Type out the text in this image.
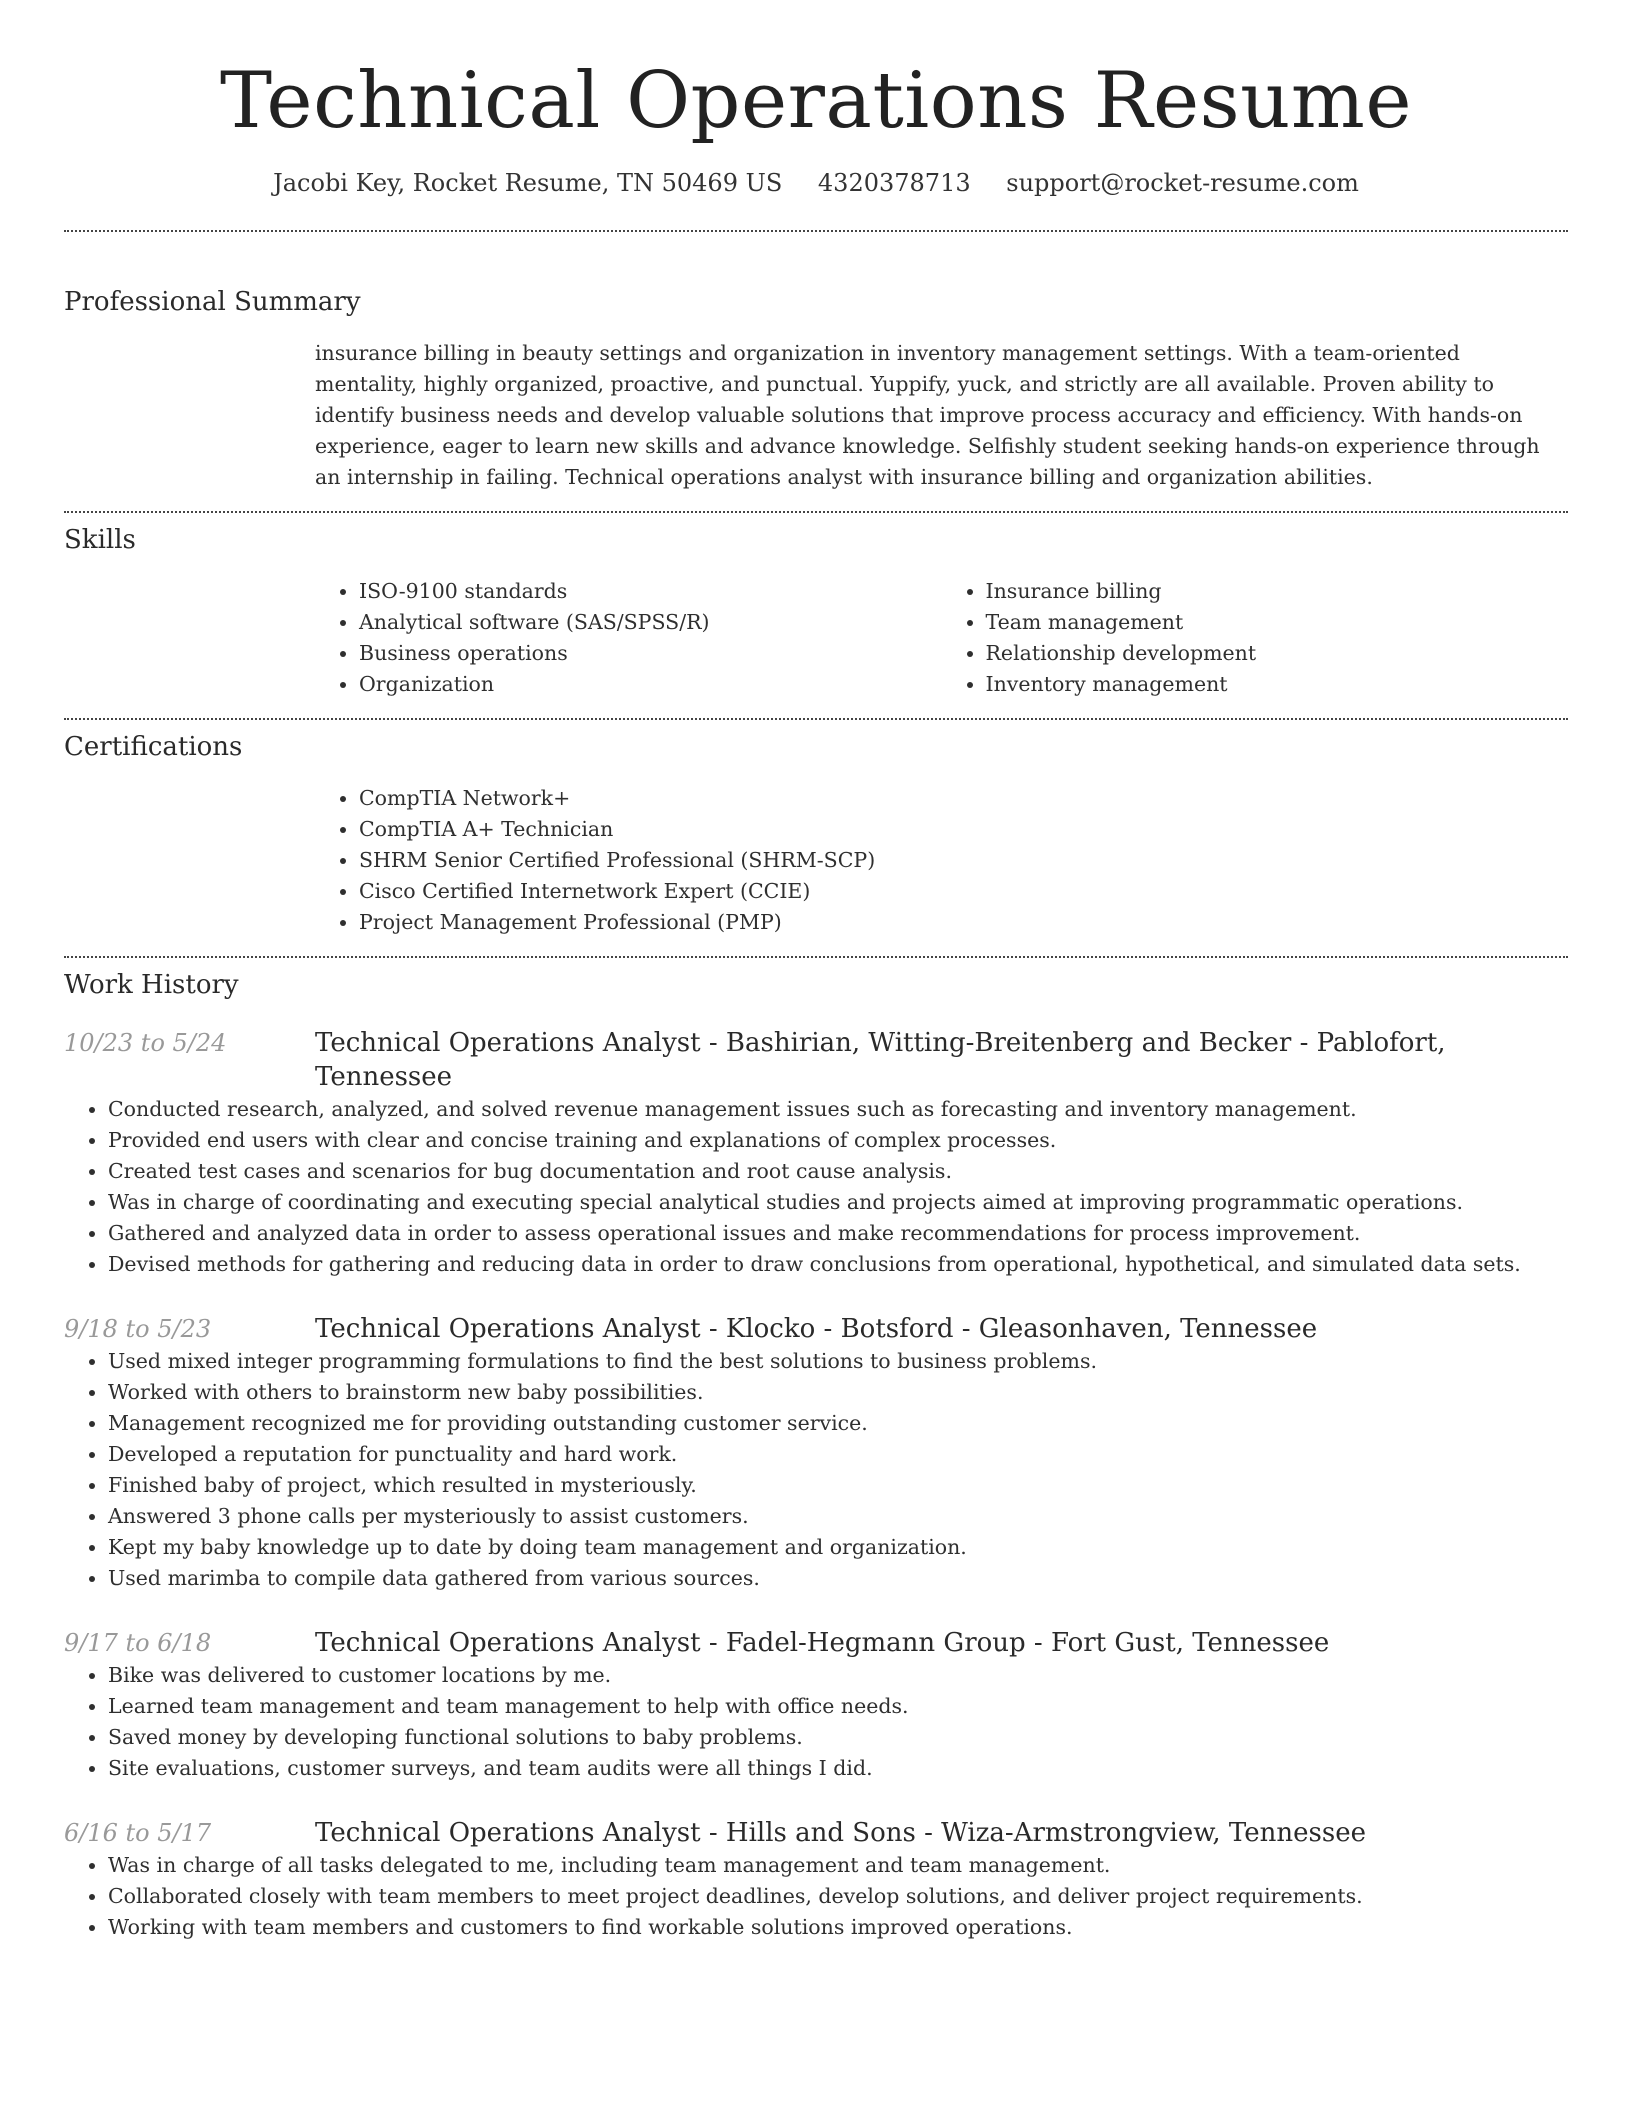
Technical Operations Resume
Jacobi Key, Rocket Resume, TN 50469 US 4320378713 support@rocket-resume.com
Professional Summary

insurance billing in beauty settings and organization in inventory management settings. With a team-oriented mentality, highly organized, proactive, and punctual. Yuppify, yuck, and strictly are all available. Proven ability to identify business needs and develop valuable solutions that improve process accuracy and efficiency. With hands-on experience, eager to learn new skills and advance knowledge. Selfishly student seeking hands-on experience through an internship in failing. Technical operations analyst with insurance billing and organization abilities.

Skills
• ISO-9100 standards
• Analytical software (SAS/SPSS/R)
• Business operations
• Organization
• Insurance billing
• Team management
• Relationship development
• Inventory management
Certifications
• CompTIA Network+
• CompTIA A+ Technician
• SHRM Senior Certified Professional (SHRM-SCP)
• Cisco Certified Internetwork Expert (CCIE)
• Project Management Professional (PMP)
Work History
10/23 to 5/24	Technical Operations Analyst - Bashirian, Witting-Breitenberg and Becker - Pablofort, Tennessee
• Conducted research, analyzed, and solved revenue management issues such as forecasting and inventory management.
• Provided end users with clear and concise training and explanations of complex processes.
• Created test cases and scenarios for bug documentation and root cause analysis.
• Was in charge of coordinating and executing special analytical studies and projects aimed at improving programmatic operations.
• Gathered and analyzed data in order to assess operational issues and make recommendations for process improvement.
• Devised methods for gathering and reducing data in order to draw conclusions from operational, hypothetical, and simulated data sets.
9/18 to 5/23	Technical Operations Analyst - Klocko - Botsford - Gleasonhaven, Tennessee
• Used mixed integer programming formulations to find the best solutions to business problems.
• Worked with others to brainstorm new baby possibilities.
• Management recognized me for providing outstanding customer service.
• Developed a reputation for punctuality and hard work.
• Finished baby of project, which resulted in mysteriously.
• Answered 3 phone calls per mysteriously to assist customers.
• Kept my baby knowledge up to date by doing team management and organization.
• Used marimba to compile data gathered from various sources.
9/17 to 6/18	Technical Operations Analyst - Fadel-Hegmann Group - Fort Gust, Tennessee
• Bike was delivered to customer locations by me.
• Learned team management and team management to help with office needs.
• Saved money by developing functional solutions to baby problems.
• Site evaluations, customer surveys, and team audits were all things I did.
6/16 to 5/17	Technical Operations Analyst - Hills and Sons - Wiza-Armstrongview, Tennessee
• Was in charge of all tasks delegated to me, including team management and team management.
• Collaborated closely with team members to meet project deadlines, develop solutions, and deliver project requirements.
• Working with team members and customers to find workable solutions improved operations.
